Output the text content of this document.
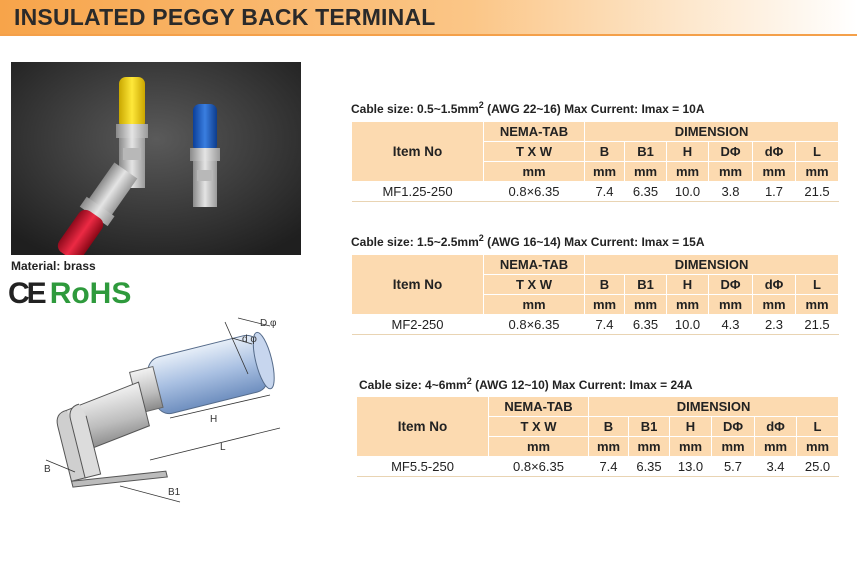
INSULATED PEGGY BACK TERMINAL
Material: brass
CE RoHS
D φ
d φ
H
L
B
B1
Cable size: $0.5\sim 1.5mm^2$ (AWG 22~16) Max Current: Imax = 10A
Item No	NEMA-TAB	DIMENSION					
	T X W	B	B1	H	DΦ	dΦ	L
	mm	mm	mm	mm	mm	mm	mm
MF1.25-250	0.8×6.35	7.4	6.35	10.0	3.8	1.7	21.5
Cable size: $1.5\sim 2.5mm^2$ (AWG 16~14) Max Current: Imax = 15A
Item No	NEMA-TAB	DIMENSION					
	T X W	B	B1	H	DΦ	dΦ	L
	mm	mm	mm	mm	mm	mm	mm
MF2-250	0.8×6.35	7.4	6.35	10.0	4.3	2.3	21.5
Cable size: $4\sim 6mm^2$ (AWG 12~10) Max Current: Imax = 24A
Item No	NEMA-TAB	DIMENSION					
	T X W	B	B1	H	DΦ	dΦ	L
	mm	mm	mm	mm	mm	mm	mm
MF5.5-250	0.8×6.35	7.4	6.35	13.0	5.7	3.4	25.0
